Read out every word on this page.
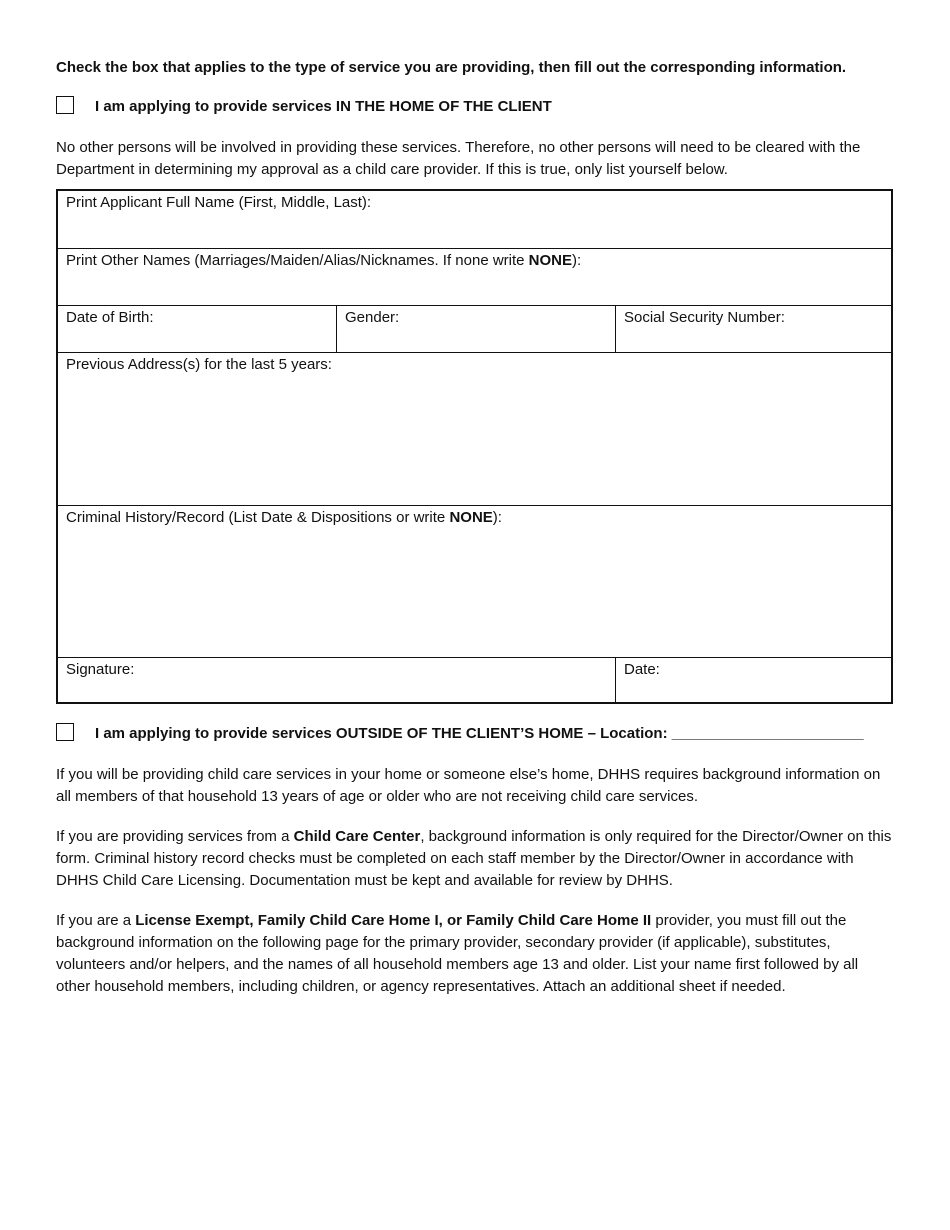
Check the box that applies to the type of service you are providing, then fill out the corresponding information.
I am applying to provide services IN THE HOME OF THE CLIENT

No other persons will be involved in providing these services. Therefore, no other persons will need to be cleared with the Department in determining my approval as a child care provider. If this is true, only list yourself below.

Print Applicant Full Name (First, Middle, Last):
Print Other Names (Marriages/Maiden/Alias/Nicknames. If none write NONE):
Date of Birth:	Gender:	Social Security Number:
Previous Address(s) for the last 5 years:
Criminal History/Record (List Date & Dispositions or write NONE):
Signature:	Date:
I am applying to provide services OUTSIDE OF THE CLIENT’S HOME – Location: _______________________

If you will be providing child care services in your home or someone else’s home, DHHS requires background information on all members of that household 13 years of age or older who are not receiving child care services.

If you are providing services from a Child Care Center, background information is only required for the Director/Owner on this form. Criminal history record checks must be completed on each staff member by the Director/Owner in accordance with DHHS Child Care Licensing. Documentation must be kept and available for review by DHHS.

If you are a License Exempt, Family Child Care Home I, or Family Child Care Home II provider, you must fill out the background information on the following page for the primary provider, secondary provider (if applicable), substitutes, volunteers and/or helpers, and the names of all household members age 13 and older. List your name first followed by all other household members, including children, or agency representatives. Attach an additional sheet if needed.
